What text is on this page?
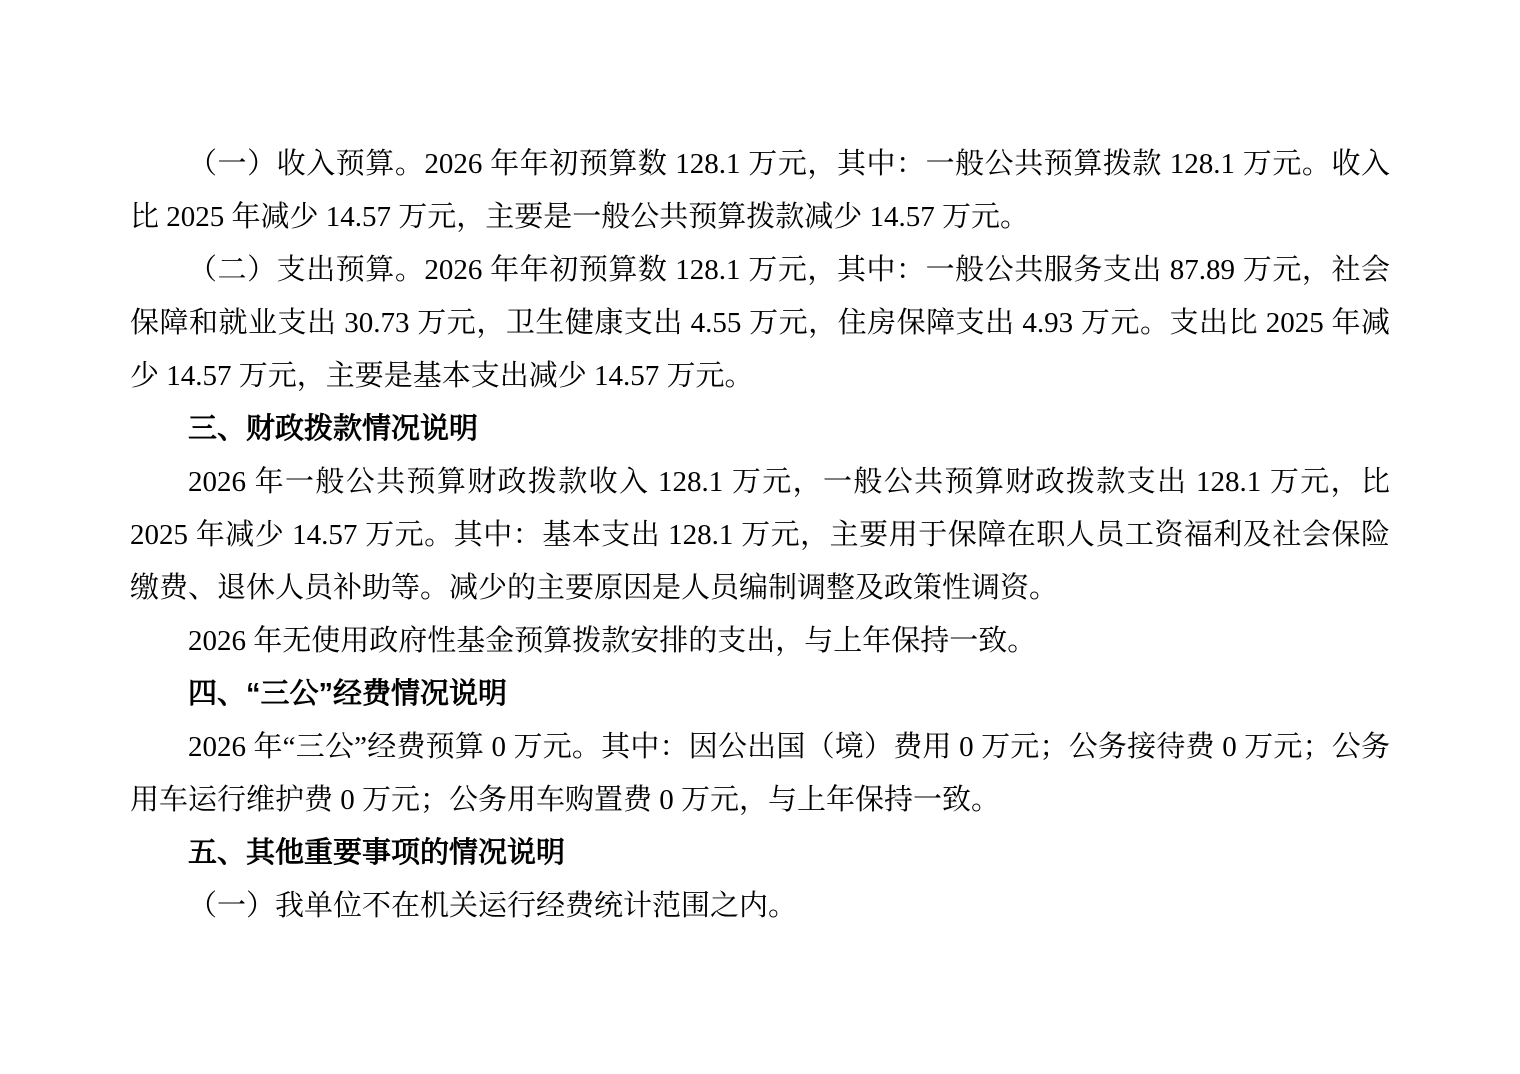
（一）收入预算。2026 年年初预算数 128.1 万元，其中：一般公共预算拨款 128.1 万元。收入比 2025 年减少 14.57 万元，主要是一般公共预算拨款减少 14.57 万元。

（二）支出预算。2026 年年初预算数 128.1 万元，其中：一般公共服务支出 87.89 万元，社会保障和就业支出 30.73 万元，卫生健康支出 4.55 万元，住房保障支出 4.93 万元。支出比 2025 年减少 14.57 万元，主要是基本支出减少 14.57 万元。

三、财政拨款情况说明

2026 年一般公共预算财政拨款收入 128.1 万元，一般公共预算财政拨款支出 128.1 万元，比 2025 年减少 14.57 万元。其中：基本支出 128.1 万元，主要用于保障在职人员工资福利及社会保险缴费、退休人员补助等。减少的主要原因是人员编制调整及政策性调资。

2026 年无使用政府性基金预算拨款安排的支出，与上年保持一致。

四、“三公”经费情况说明

2026 年“三公”经费预算 0 万元。其中：因公出国（境）费用 0 万元；公务接待费 0 万元；公务用车运行维护费 0 万元；公务用车购置费 0 万元，与上年保持一致。

五、其他重要事项的情况说明

（一）我单位不在机关运行经费统计范围之内。
